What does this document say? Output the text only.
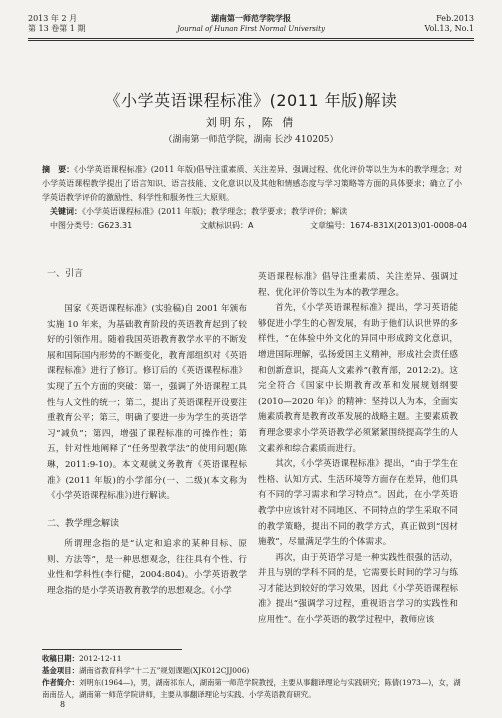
2013 年 2 月
第 13 卷第 1 期
湖南第一师范学院学报
Journal of Hunan First Normal University
Feb.2013
Vol.13, No.1
《小学英语课程标准》(2011 年版)解读
刘明东，陈 倩
（湖南第一师范学院，湖南 长沙 410205）
摘　要：《小学英语课程标准》(2011 年版)倡导注重素质、关注差异、强调过程、优化评价等以生为本的教学理念；对小学英语课程教学提出了语言知识、语言技能、文化意识以及其他和情感态度与学习策略等方面的具体要求；确立了小学英语教学评价的激励性、科学性和服务性三大原则。
关键词：《小学英语课程标准》(2011 年版)；教学理念；教学要求；教学评价；解读
中图分类号：G623.31	文献标识码：A	文章编号：1674-831X(2013)01-0008-04
一、引言

国家《英语课程标准》(实验稿)自 2001 年颁布实施 10 年来，为基础教育阶段的英语教育起到了较好的引领作用。随着我国英语教育教学水平的不断发展和国际国内形势的不断变化，教育部组织对《英语课程标准》进行了修订。修订后的《英语课程标准》实现了五个方面的突破：第一，强调了外语课程工具性与人文性的统一；第二，提出了英语课程开设要注重教育公平；第三，明确了要进一步为学生的英语学习“减负”；第四，增强了课程标准的可操作性；第五，针对性地阐释了“任务型教学法”的使用问题(陈琳，2011:9-10)。本文观就义务教育《英语课程标准》(2011 年版)的小学部分(一、二级)(本文称为《小学英语课程标准》)进行解读。

二、教学理念解读

所谓理念指的是“认定和追求的某种目标、原则、方法等”，是一种思想观念，往往具有个性、行业性和学科性(李行健，2004:804)。小学英语教学理念指的是小学英语教育教学的思想观念。《小学

英语课程标准》倡导注重素质、关注差异、强调过程、优化评价等以生为本的教学理念。

首先，《小学英语课程标准》提出，学习英语能够促进小学生的心智发展，有助于他们认识世界的多样性，“在体验中外文化的异同中形成跨文化意识，增进国际理解，弘扬爱国主义精神，形成社会责任感和创新意识，提高人文素养”(教育部，2012:2)。这完全符合《国家中长期教育改革和发展规划纲要(2010—2020 年)》的精神：坚持以人为本，全面实施素质教育是教育改革发展的战略主题。主要素质教育理念要求小学英语教学必须紧紧围绕提高学生的人文素养和综合素质而进行。

其次，《小学英语课程标准》提出，“由于学生在性格、认知方式、生活环境等方面存在差异，他们具有不同的学习需求和学习特点”。因此，在小学英语教学中应该针对不同地区、不同特点的学生采取不同的教学策略，提出不同的教学方式，真正做到“因材施教”，尽量满足学生的个体需求。

再次，由于英语学习是一种实践性很强的活动，并且与别的学科不同的是，它需要长时间的学习与练习才能达到较好的学习效果，因此《小学英语课程标准》提出“强调学习过程，重视语言学习的实践性和应用性”。在小学英语的教学过程中，教师应该

收稿日期：2012-12-11
基金项目：湖南省教育科学“十二五”规划课题(XJK012CJJ006)
作者简介：刘明东(1964—)，男，湖南祁东人，湖南第一师范学院教授，主要从事翻译理论与实践研究；陈倩(1973—)，女，湖南南岳人，湖南第一师范学院讲师，主要从事翻译理论与实践、小学英语教育研究。
8
